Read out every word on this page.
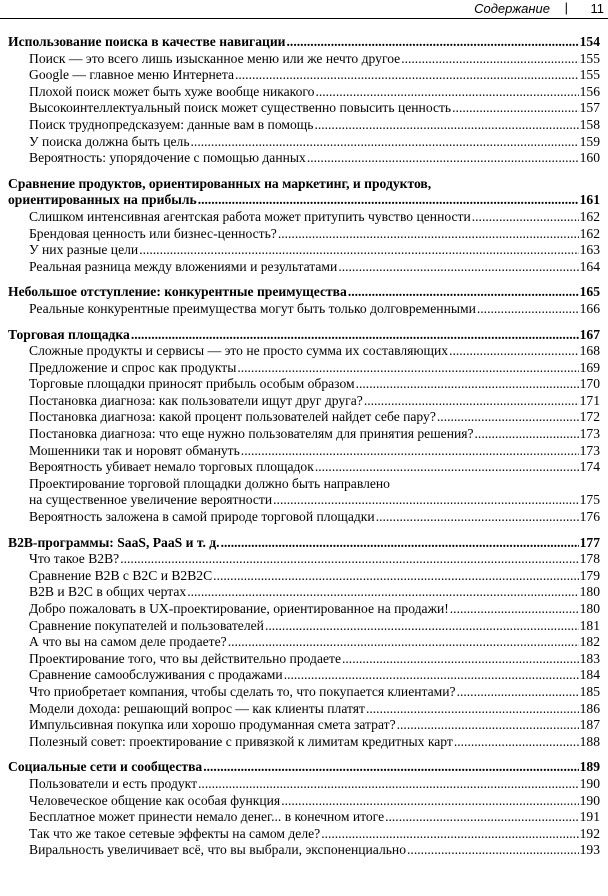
Содержание | 11
Использование поиска в качестве навигации .....	154
Поиск — это всего лишь изысканное меню или же нечто другое .....	155
Google — главное меню Интернета .....	155
Плохой поиск может быть хуже вообще никакого .....	156
Высокоинтеллектуальный поиск может существенно повысить ценность .....	157
Поиск труднопредсказуем: данные вам в помощь .....	158
У поиска должна быть цель .....	159
Вероятность: упорядочение с помощью данных .....	160
Сравнение продуктов, ориентированных на маркетинг, и продуктов,
ориентированных на прибыль .....	161
Слишком интенсивная агентская работа может притупить чувство ценности .....	162
Брендовая ценность или бизнес-ценность? .....	162
У них разные цели .....	163
Реальная разница между вложениями и результатами .....	164
Небольшое отступление: конкурентные преимущества .....	165
Реальные конкурентные преимущества могут быть только долговременными .....	166
Торговая площадка .....	167
Сложные продукты и сервисы — это не просто сумма их составляющих .....	168
Предложение и спрос как продукты .....	169
Торговые площадки приносят прибыль особым образом .....	170
Постановка диагноза: как пользователи ищут друг друга? .....	171
Постановка диагноза: какой процент пользователей найдет себе пару? .....	172
Постановка диагноза: что еще нужно пользователям для принятия решения? .....	173
Мошенники так и норовят обмануть .....	173
Вероятность убивает немало торговых площадок .....	174
Проектирование торговой площадки должно быть направлено
на существенное увеличение вероятности .....	175
Вероятность заложена в самой природе торговой площадки .....	176
B2B-программы: SaaS, PaaS и т. д. .....	177
Что такое B2B? .....	178
Сравнение B2B с B2C и B2B2C .....	179
B2B и B2C в общих чертах .....	180
Добро пожаловать в UX-проектирование, ориентированное на продажи! .....	180
Сравнение покупателей и пользователей .....	181
А что вы на самом деле продаете? .....	182
Проектирование того, что вы действительно продаете .....	183
Сравнение самообслуживания с продажами .....	184
Что приобретает компания, чтобы сделать то, что покупается клиентами? .....	185
Модели дохода: решающий вопрос — как клиенты платят .....	186
Импульсивная покупка или хорошо продуманная смета затрат? .....	187
Полезный совет: проектирование с привязкой к лимитам кредитных карт .....	188
Социальные сети и сообщества .....	189
Пользователи и есть продукт .....	190
Человеческое общение как особая функция .....	190
Бесплатное может принести немало денег... в конечном итоге .....	191
Так что же такое сетевые эффекты на самом деле? .....	192
Виральность увеличивает всё, что вы выбрали, экспоненциально .....	193
